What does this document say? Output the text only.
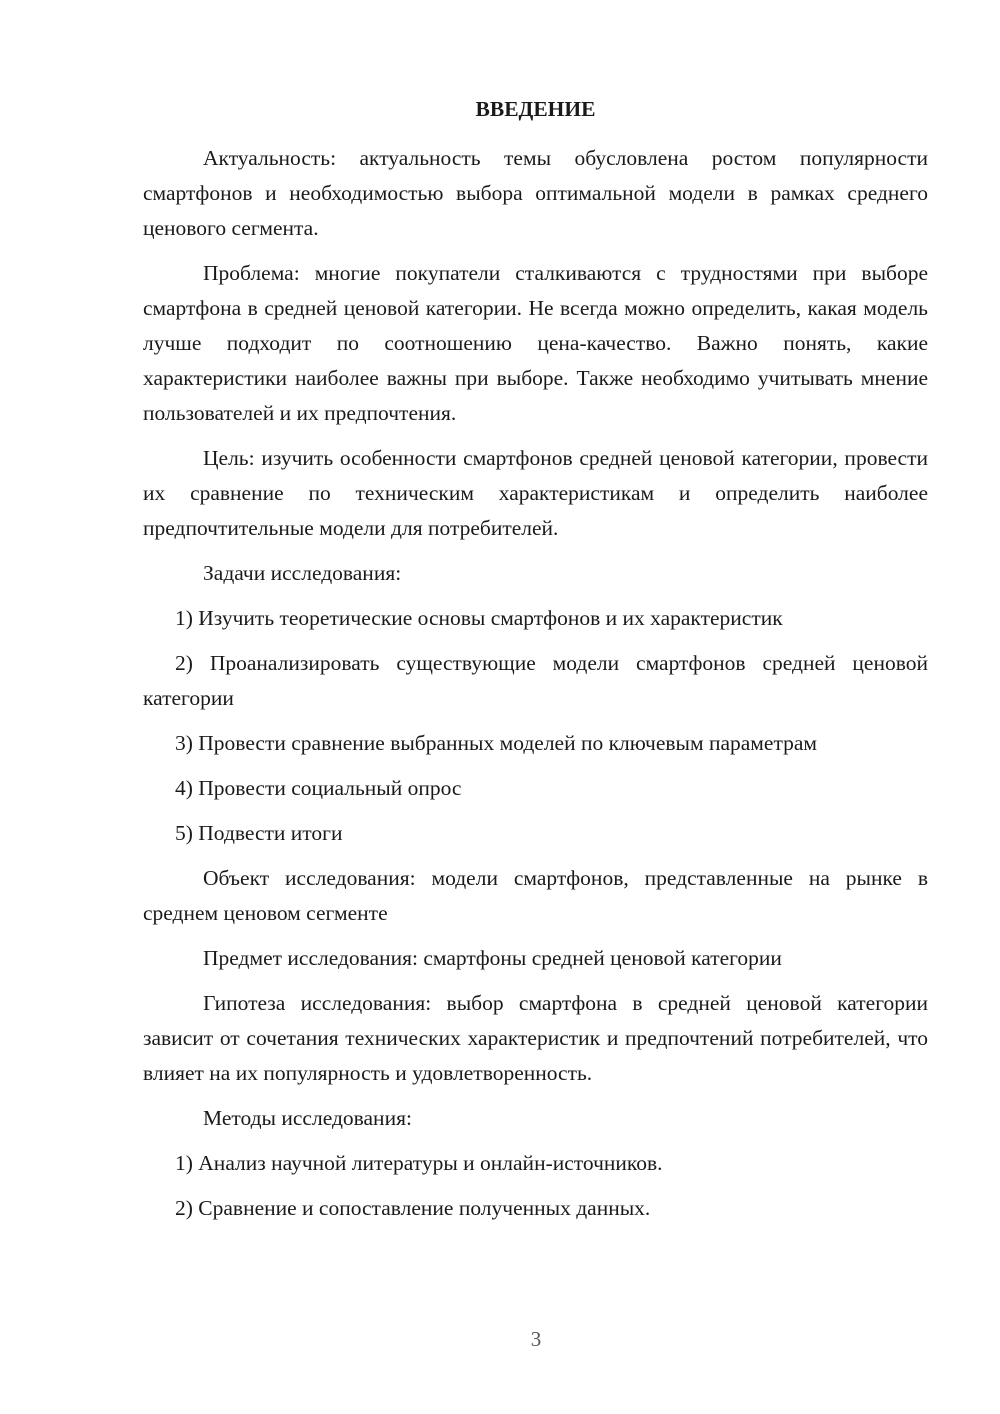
ВВЕДЕНИЕ

Актуальность: актуальность темы обусловлена ростом популярности смартфонов и необходимостью выбора оптимальной модели в рамках среднего ценового сегмента.

Проблема: многие покупатели сталкиваются с трудностями при выборе смартфона в средней ценовой категории. Не всегда можно определить, какая модель лучше подходит по соотношению цена-качество. Важно понять, какие характеристики наиболее важны при выборе. Также необходимо учитывать мнение пользователей и их предпочтения.

Цель: изучить особенности смартфонов средней ценовой категории, провести их сравнение по техническим характеристикам и определить наиболее предпочтительные модели для потребителей.

Задачи исследования:

1) Изучить теоретические основы смартфонов и их характеристик

2) Проанализировать существующие модели смартфонов средней ценовой категории

3) Провести сравнение выбранных моделей по ключевым параметрам

4) Провести социальный опрос

5) Подвести итоги

Объект исследования: модели смартфонов, представленные на рынке в среднем ценовом сегменте

Предмет исследования: смартфоны средней ценовой категории

Гипотеза исследования: выбор смартфона в средней ценовой категории зависит от сочетания технических характеристик и предпочтений потребителей, что влияет на их популярность и удовлетворенность.

Методы исследования:

1) Анализ научной литературы и онлайн-источников.

2) Сравнение и сопоставление полученных данных.

3
